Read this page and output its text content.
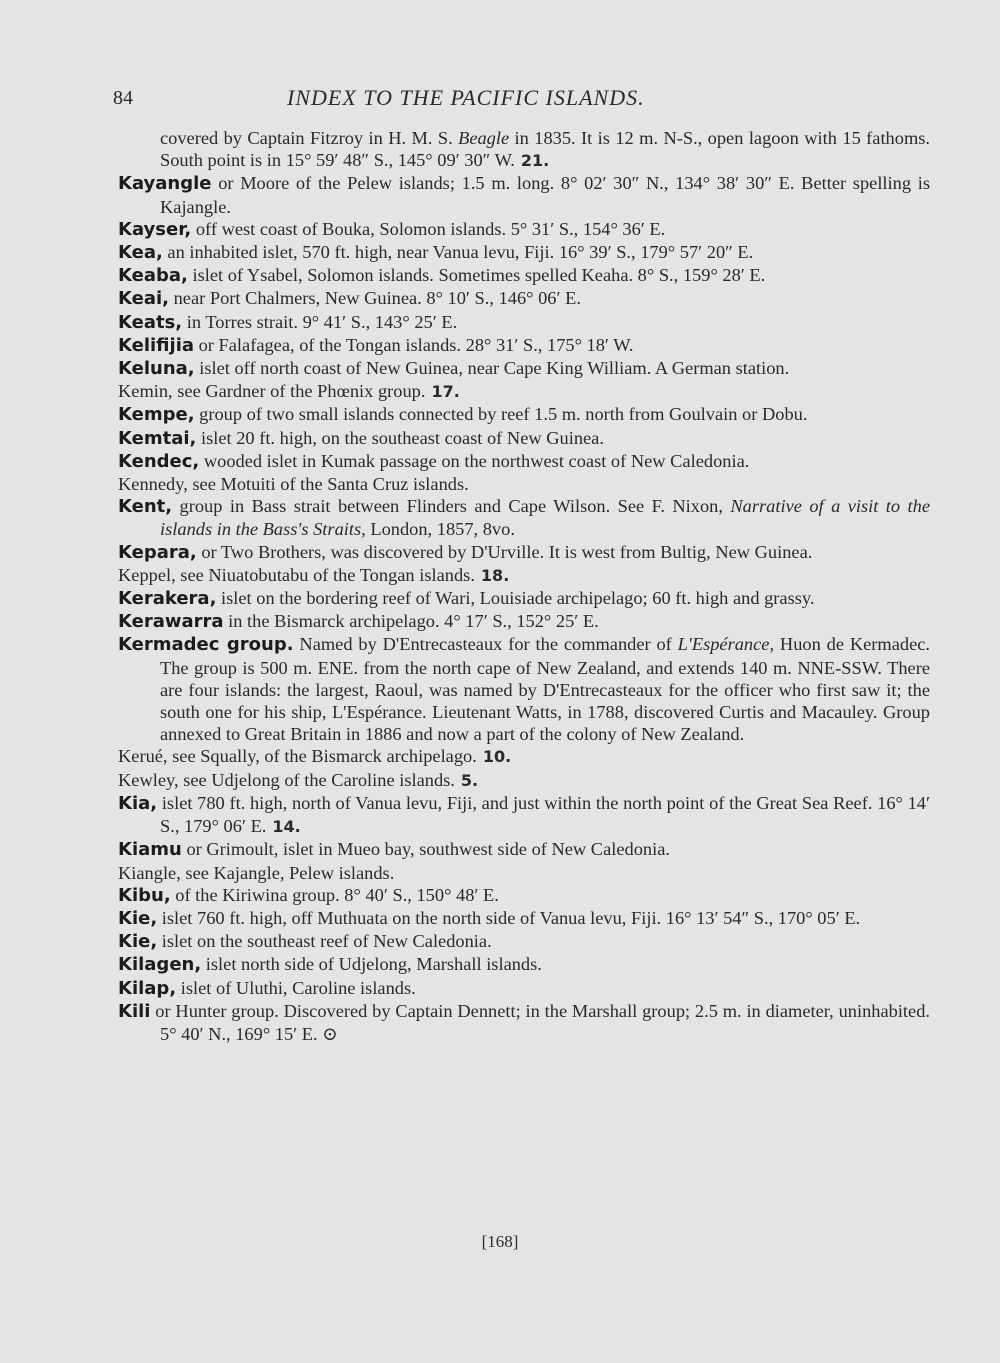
84	INDEX TO THE PACIFIC ISLANDS.

covered by Captain Fitzroy in H. M. S. Beagle in 1835. It is 12 m. N-S., open lagoon with 15 fathoms. South point is in 15° 59′ 48″ S., 145° 09′ 30″ W. 21.

Kayangle or Moore of the Pelew islands; 1.5 m. long. 8° 02′ 30″ N., 134° 38′ 30″ E. Better spelling is Kajangle.

Kayser, off west coast of Bouka, Solomon islands. 5° 31′ S., 154° 36′ E.

Kea, an inhabited islet, 570 ft. high, near Vanua levu, Fiji. 16° 39′ S., 179° 57′ 20″ E.

Keaba, islet of Ysabel, Solomon islands. Sometimes spelled Keaha. 8° S., 159° 28′ E.

Keai, near Port Chalmers, New Guinea. 8° 10′ S., 146° 06′ E.

Keats, in Torres strait. 9° 41′ S., 143° 25′ E.

Kelifijia or Falafagea, of the Tongan islands. 28° 31′ S., 175° 18′ W.

Keluna, islet off north coast of New Guinea, near Cape King William. A German station.

Kemin, see Gardner of the Phœnix group. 17.

Kempe, group of two small islands connected by reef 1.5 m. north from Goulvain or Dobu.

Kemtai, islet 20 ft. high, on the southeast coast of New Guinea.

Kendec, wooded islet in Kumak passage on the northwest coast of New Caledonia.

Kennedy, see Motuiti of the Santa Cruz islands.

Kent, group in Bass strait between Flinders and Cape Wilson. See F. Nixon, Narrative of a visit to the islands in the Bass's Straits, London, 1857, 8vo.

Kepara, or Two Brothers, was discovered by D'Urville. It is west from Bultig, New Guinea.

Keppel, see Niuatobutabu of the Tongan islands. 18.

Kerakera, islet on the bordering reef of Wari, Louisiade archipelago; 60 ft. high and grassy.

Kerawarra in the Bismarck archipelago. 4° 17′ S., 152° 25′ E.

Kermadec group. Named by D'Entrecasteaux for the commander of L'Espérance, Huon de Kermadec. The group is 500 m. ENE. from the north cape of New Zealand, and extends 140 m. NNE-SSW. There are four islands: the largest, Raoul, was named by D'Entrecasteaux for the officer who first saw it; the south one for his ship, L'Espérance. Lieutenant Watts, in 1788, discovered Curtis and Macauley. Group annexed to Great Britain in 1886 and now a part of the colony of New Zealand.

Kerué, see Squally, of the Bismarck archipelago. 10.

Kewley, see Udjelong of the Caroline islands. 5.

Kia, islet 780 ft. high, north of Vanua levu, Fiji, and just within the north point of the Great Sea Reef. 16° 14′ S., 179° 06′ E. 14.

Kiamu or Grimoult, islet in Mueo bay, southwest side of New Caledonia.

Kiangle, see Kajangle, Pelew islands.

Kibu, of the Kiriwina group. 8° 40′ S., 150° 48′ E.

Kie, islet 760 ft. high, off Muthuata on the north side of Vanua levu, Fiji. 16° 13′ 54″ S., 170° 05′ E.

Kie, islet on the southeast reef of New Caledonia.

Kilagen, islet north side of Udjelong, Marshall islands.

Kilap, islet of Uluthi, Caroline islands.

Kili or Hunter group. Discovered by Captain Dennett; in the Marshall group; 2.5 m. in diameter, uninhabited. 5° 40′ N., 169° 15′ E. ⊙

[168]
